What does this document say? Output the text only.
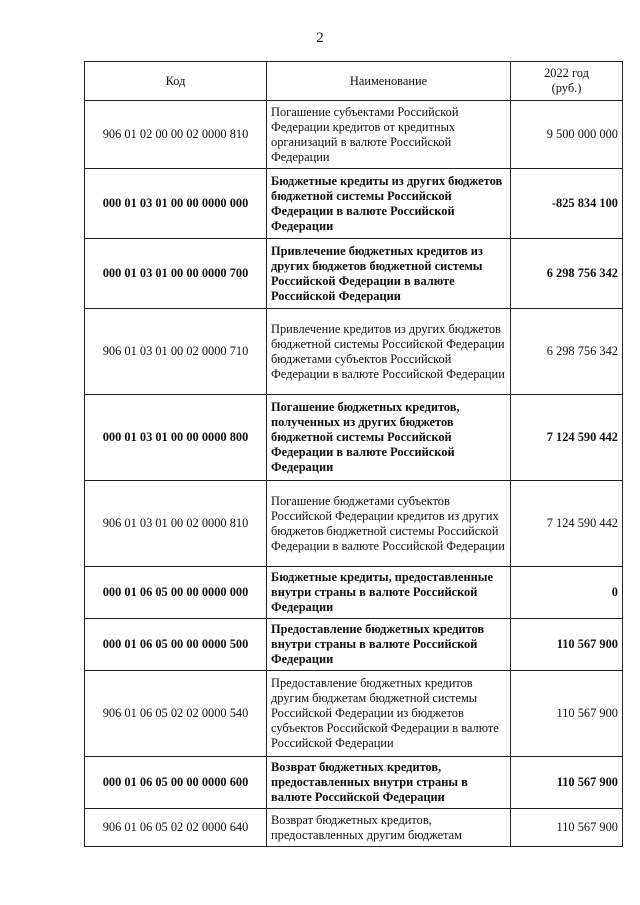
2
Код	Наименование	2022 год
(руб.)
906 01 02 00 00 02 0000 810	Погашение субъектами Российской Федерации кредитов от кредитных организаций в валюте Российской Федерации	9 500 000 000
000 01 03 01 00 00 0000 000	Бюджетные кредиты из других бюджетов бюджетной системы Российской Федерации в валюте Российской Федерации	-825 834 100
000 01 03 01 00 00 0000 700	Привлечение бюджетных кредитов из других бюджетов бюджетной системы Российской Федерации в валюте Российской Федерации	6 298 756 342
906 01 03 01 00 02 0000 710	Привлечение кредитов из других бюджетов бюджетной системы Российской Федерации бюджетами субъектов Российской Федерации в валюте Российской Федерации	6 298 756 342
000 01 03 01 00 00 0000 800	Погашение бюджетных кредитов, полученных из других бюджетов бюджетной системы Российской Федерации в валюте Российской Федерации	7 124 590 442
906 01 03 01 00 02 0000 810	Погашение бюджетами субъектов Российской Федерации кредитов из других бюджетов бюджетной системы Российской Федерации в валюте Российской Федерации	7 124 590 442
000 01 06 05 00 00 0000 000	Бюджетные кредиты, предоставленные внутри страны в валюте Российской Федерации	0
000 01 06 05 00 00 0000 500	Предоставление бюджетных кредитов внутри страны в валюте Российской Федерации	110 567 900
906 01 06 05 02 02 0000 540	Предоставление бюджетных кредитов другим бюджетам бюджетной системы Российской Федерации из бюджетов субъектов Российской Федерации в валюте Российской Федерации	110 567 900
000 01 06 05 00 00 0000 600	Возврат бюджетных кредитов, предоставленных внутри страны в валюте Российской Федерации	110 567 900
906 01 06 05 02 02 0000 640	Возврат бюджетных кредитов, предоставленных другим бюджетам	110 567 900
